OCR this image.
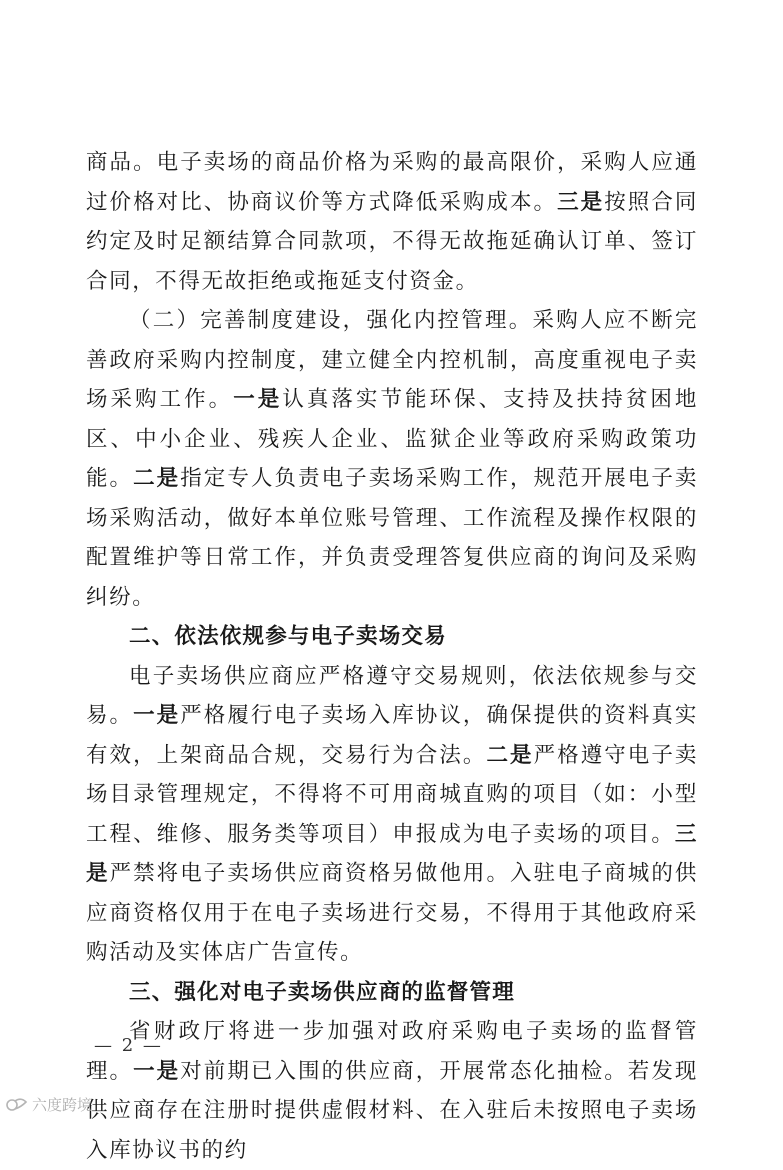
商品。电子卖场的商品价格为采购的最高限价，采购人应通过价格对比、协商议价等方式降低采购成本。三是按照合同约定及时足额结算合同款项，不得无故拖延确认订单、签订合同，不得无故拒绝或拖延支付资金。

（二）完善制度建设，强化内控管理。采购人应不断完善政府采购内控制度，建立健全内控机制，高度重视电子卖场采购工作。一是认真落实节能环保、支持及扶持贫困地区、中小企业、残疾人企业、监狱企业等政府采购政策功能。二是指定专人负责电子卖场采购工作，规范开展电子卖场采购活动，做好本单位账号管理、工作流程及操作权限的配置维护等日常工作，并负责受理答复供应商的询问及采购纠纷。

二、依法依规参与电子卖场交易

电子卖场供应商应严格遵守交易规则，依法依规参与交易。一是严格履行电子卖场入库协议，确保提供的资料真实有效，上架商品合规，交易行为合法。二是严格遵守电子卖场目录管理规定，不得将不可用商城直购的项目（如：小型工程、维修、服务类等项目）申报成为电子卖场的项目。三是严禁将电子卖场供应商资格另做他用。入驻电子商城的供应商资格仅用于在电子卖场进行交易，不得用于其他政府采购活动及实体店广告宣传。

三、强化对电子卖场供应商的监督管理

省财政厅将进一步加强对政府采购电子卖场的监督管理。一是对前期已入围的供应商，开展常态化抽检。若发现供应商存在注册时提供虚假材料、在入驻后未按照电子卖场入库协议书的约

— 2 —
六度跨境
